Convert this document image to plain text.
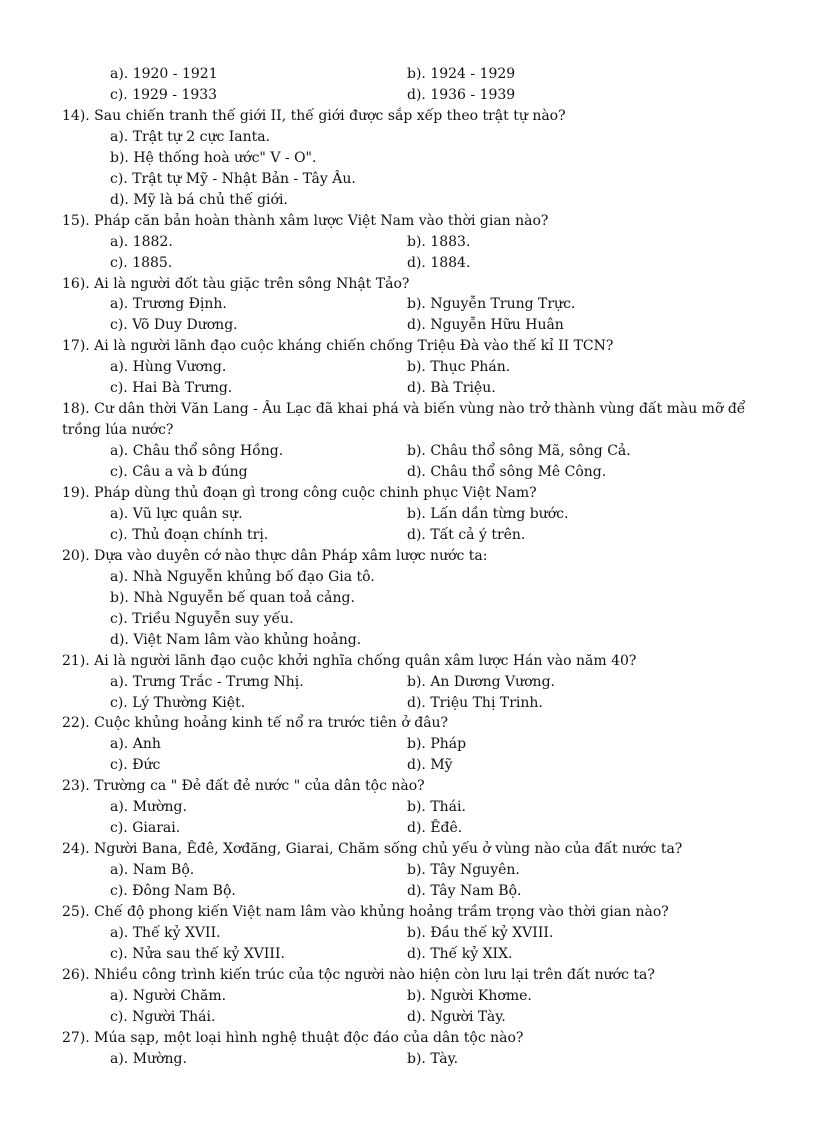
a). 1920 - 1921	b). 1924 - 1929
c). 1929 - 1933	d). 1936 - 1939
14). Sau chiến tranh thế giới II, thế giới được sắp xếp theo trật tự nào?
a). Trật tự 2 cực Ianta.
b). Hệ thống hoà ước" V - O".
c). Trật tự Mỹ - Nhật Bản - Tây Âu.
d). Mỹ là bá chủ thế giới.
15). Pháp căn bản hoàn thành xâm lược Việt Nam vào thời gian nào?
a). 1882.	b). 1883.
c). 1885.	d). 1884.
16). Ai là người đốt tàu giặc trên sông Nhật Tảo?
a). Trương Định.	b). Nguyễn Trung Trực.
c). Võ Duy Dương.	d). Nguyễn Hữu Huân
17). Ai là người lãnh đạo cuộc kháng chiến chống Triệu Đà vào thế kỉ II TCN?
a). Hùng Vương.	b). Thục Phán.
c). Hai Bà Trưng.	d). Bà Triệu.
18). Cư dân thời Văn Lang - Âu Lạc đã khai phá và biến vùng nào trở thành vùng đất màu mỡ để
trồng lúa nước?
a). Châu thổ sông Hồng.	b). Châu thổ sông Mã, sông Cả.
c). Câu a và b đúng	d). Châu thổ sông Mê Công.
19). Pháp dùng thủ đoạn gì trong công cuộc chinh phục Việt Nam?
a). Vũ lực quân sự.	b). Lấn dần từng bước.
c). Thủ đoạn chính trị.	d). Tất cả ý trên.
20). Dựa vào duyên cớ nào thực dân Pháp xâm lược nước ta:
a). Nhà Nguyễn khủng bố đạo Gia tô.
b). Nhà Nguyễn bế quan toả cảng.
c). Triều Nguyễn suy yếu.
d). Việt Nam lâm vào khủng hoảng.
21). Ai là người lãnh đạo cuộc khởi nghĩa chống quân xâm lược Hán vào năm 40?
a). Trưng Trắc - Trưng Nhị.	b). An Dương Vương.
c). Lý Thường Kiệt.	d). Triệu Thị Trinh.
22). Cuộc khủng hoảng kinh tế nổ ra trước tiên ở đâu?
a). Anh	b). Pháp
c). Đức	d). Mỹ
23). Trường ca " Đẻ đất đẻ nước " của dân tộc nào?
a). Mường.	b). Thái.
c). Giarai.	d). Êđê.
24). Người Bana, Êđê, Xơđăng, Giarai, Chăm sống chủ yếu ở vùng nào của đất nước ta?
a). Nam Bộ.	b). Tây Nguyên.
c). Đông Nam Bộ.	d). Tây Nam Bộ.
25). Chế độ phong kiến Việt nam lâm vào khủng hoảng trầm trọng vào thời gian nào?
a). Thế kỷ XVII.	b). Đầu thế kỷ XVIII.
c). Nửa sau thế kỷ XVIII.	d). Thế kỷ XIX.
26). Nhiều công trình kiến trúc của tộc người nào hiện còn lưu lại trên đất nước ta?
a). Người Chăm.	b). Người Khơme.
c). Người Thái.	d). Người Tày.
27). Múa sạp, một loại hình nghệ thuật độc đáo của dân tộc nào?
a). Mường.	b). Tày.
